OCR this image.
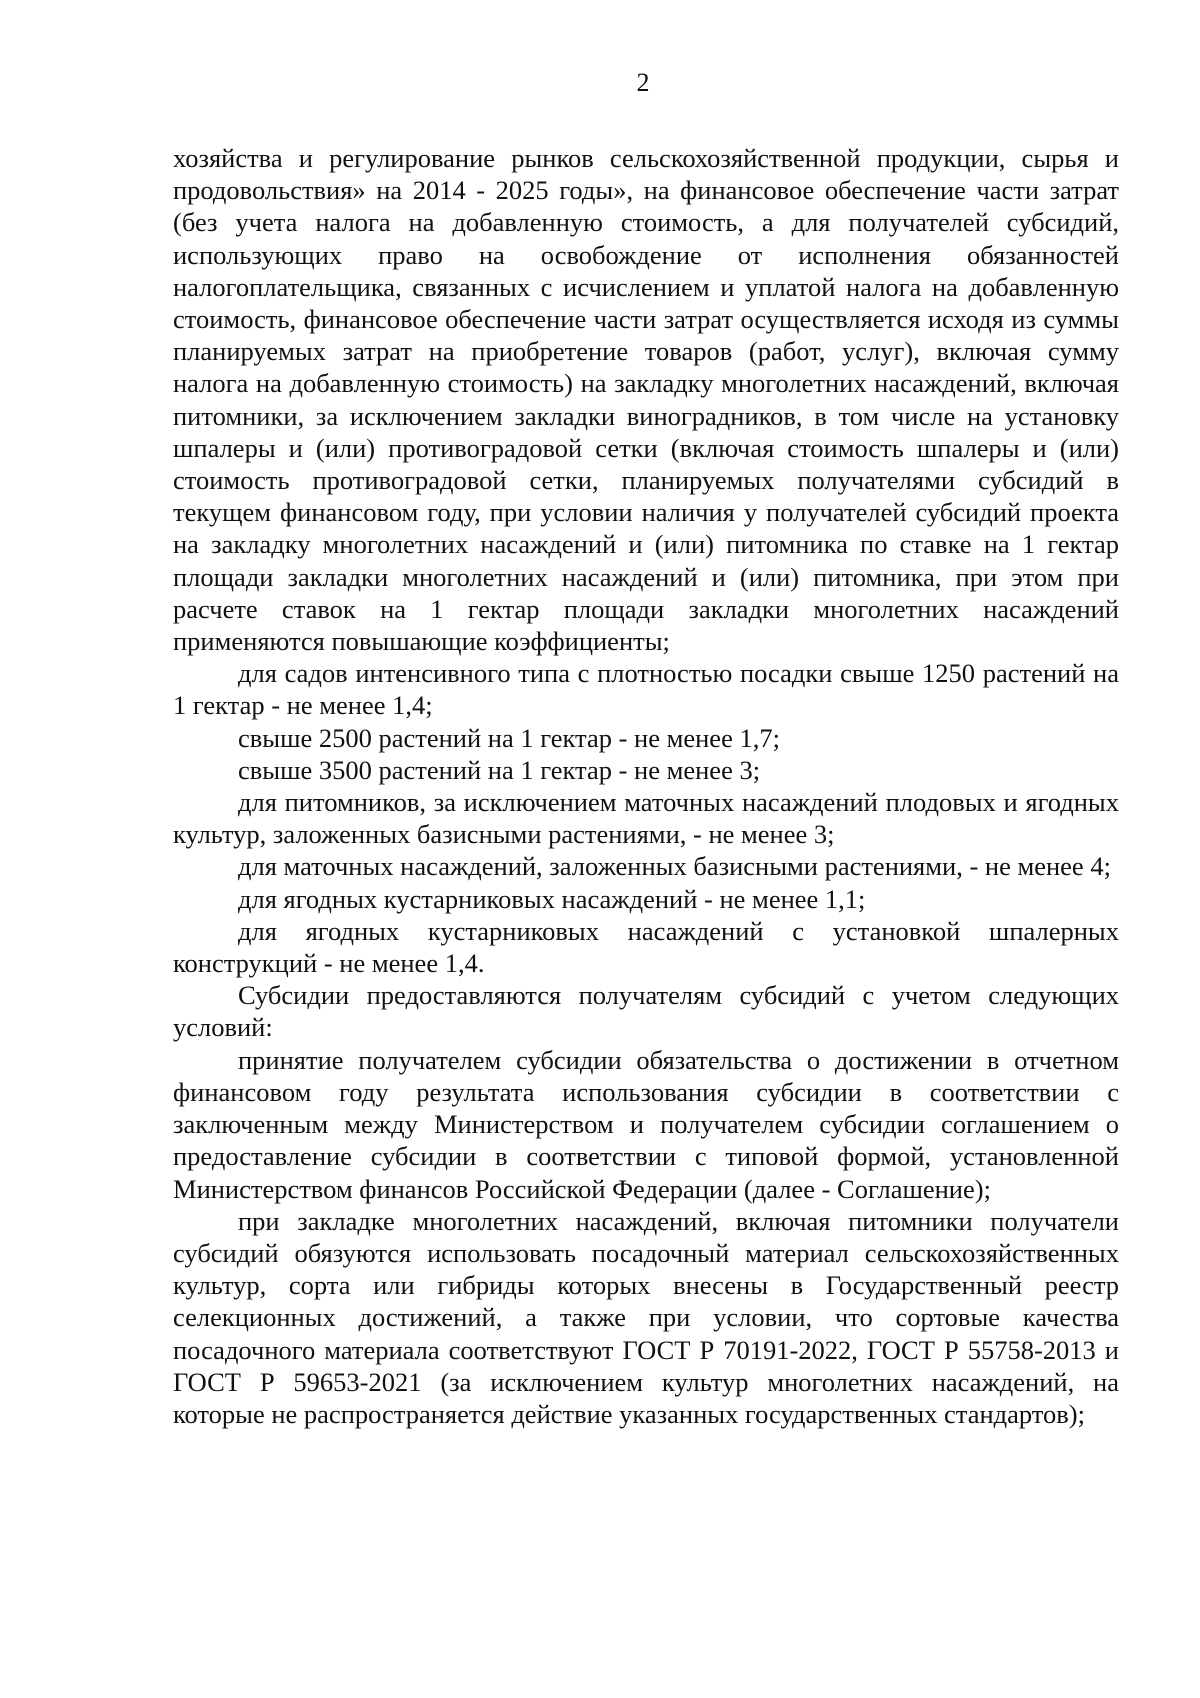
2

хозяйства и регулирование рынков сельскохозяйственной продукции, сырья и продовольствия» на 2014 - 2025 годы», на финансовое обеспечение части затрат (без учета налога на добавленную стоимость, а для получателей субсидий, использующих право на освобождение от исполнения обязанностей налогоплательщика, связанных с исчислением и уплатой налога на добавленную стоимость, финансовое обеспечение части затрат осуществляется исходя из суммы планируемых затрат на приобретение товаров (работ, услуг), включая сумму налога на добавленную стоимость) на закладку многолетних насаждений, включая питомники, за исключением закладки виноградников, в том числе на установку шпалеры и (или) противоградовой сетки (включая стоимость шпалеры и (или) стоимость противоградовой сетки, планируемых получателями субсидий в текущем финансовом году, при условии наличия у получателей субсидий проекта на закладку многолетних насаждений и (или) питомника по ставке на 1 гектар площади закладки многолетних насаждений и (или) питомника, при этом при расчете ставок на 1 гектар площади закладки многолетних насаждений применяются повышающие коэффициенты;

для садов интенсивного типа с плотностью посадки свыше 1250 растений на 1 гектар - не менее 1,4;

свыше 2500 растений на 1 гектар - не менее 1,7;

свыше 3500 растений на 1 гектар - не менее 3;

для питомников, за исключением маточных насаждений плодовых и ягодных культур, заложенных базисными растениями, - не менее 3;

для маточных насаждений, заложенных базисными растениями, - не менее 4;

для ягодных кустарниковых насаждений - не менее 1,1;

для ягодных кустарниковых насаждений с установкой шпалерных конструкций - не менее 1,4.

Субсидии предоставляются получателям субсидий с учетом следующих условий:

принятие получателем субсидии обязательства о достижении в отчетном финансовом году результата использования субсидии в соответствии с заключенным между Министерством и получателем субсидии соглашением о предоставление субсидии в соответствии с типовой формой, установленной Министерством финансов Российской Федерации (далее - Соглашение);

при закладке многолетних насаждений, включая питомники получатели субсидий обязуются использовать посадочный материал сельскохозяйственных культур, сорта или гибриды которых внесены в Государственный реестр селекционных достижений, а также при условии, что сортовые качества посадочного материала соответствуют ГОСТ Р 70191-2022, ГОСТ Р 55758-2013 и ГОСТ Р 59653-2021 (за исключением культур многолетних насаждений, на которые не распространяется действие указанных государственных стандартов);
